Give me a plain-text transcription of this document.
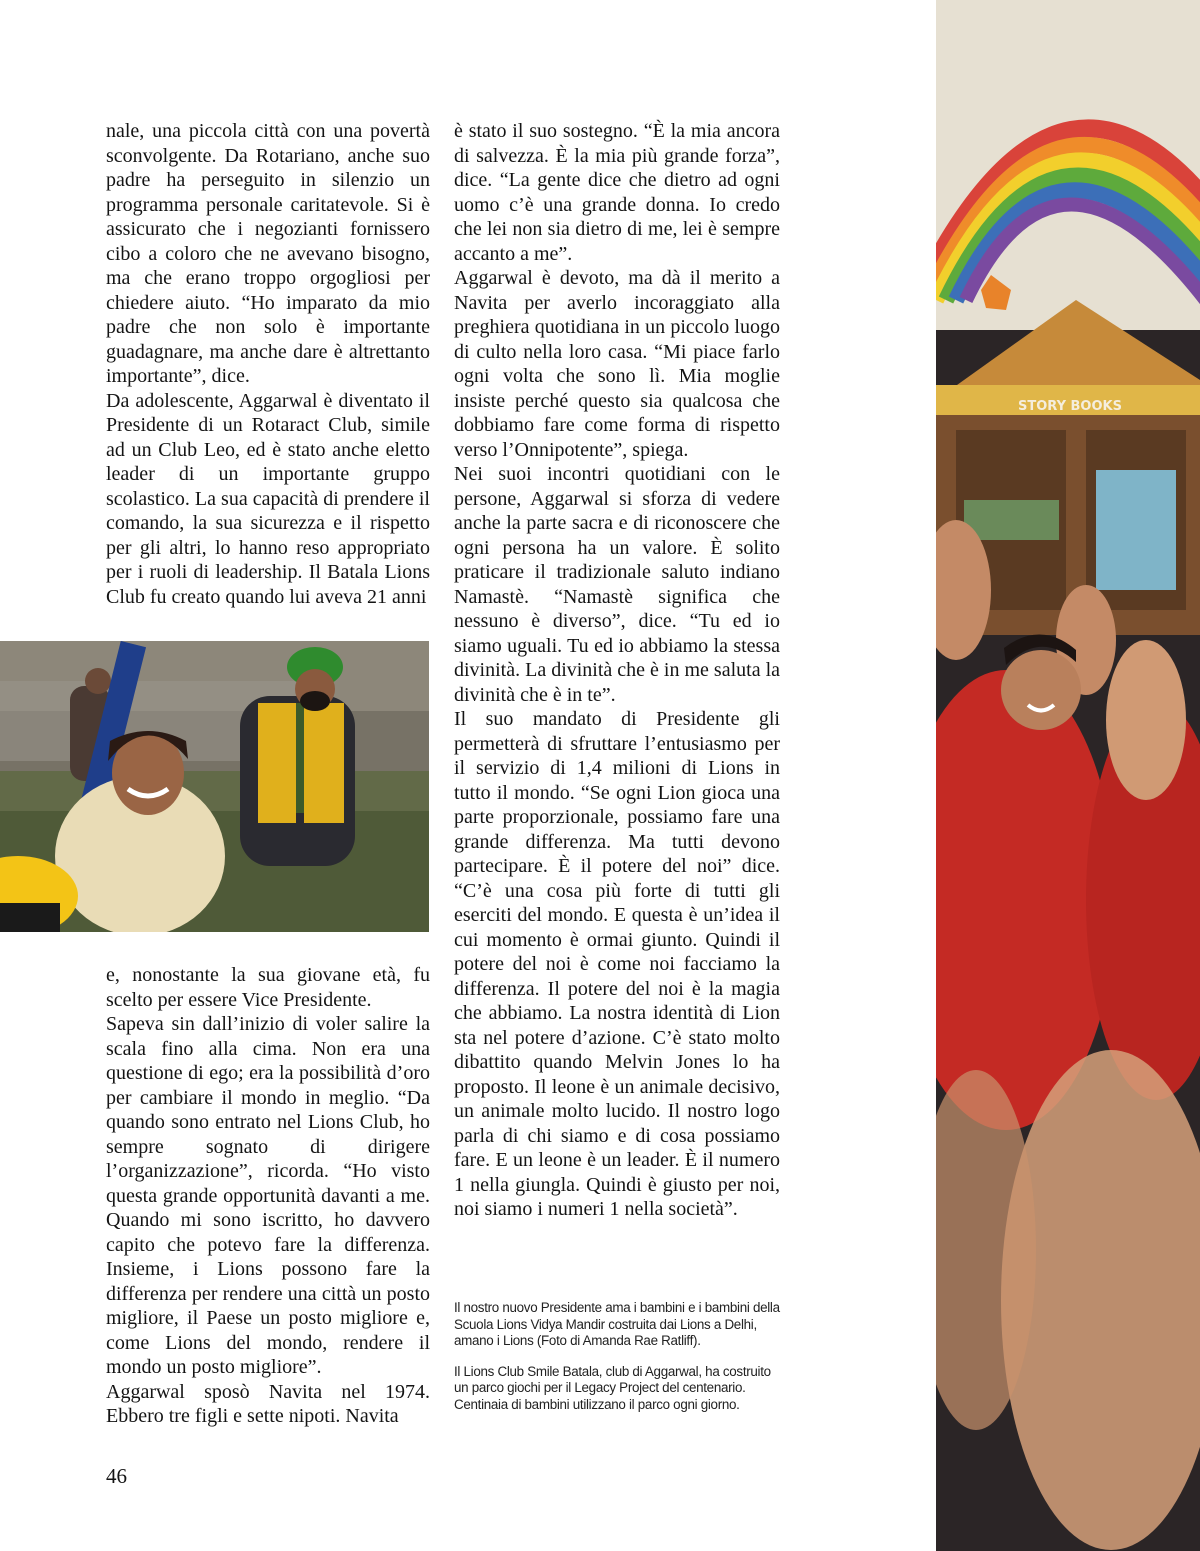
nale, una piccola città con una povertà sconvolgente. Da Rotariano, anche suo padre ha perseguito in silenzio un programma personale caritatevole. Si è assicurato che i negozianti fornissero cibo a coloro che ne avevano bisogno, ma che erano troppo orgogliosi per chiedere aiuto. “Ho imparato da mio padre che non solo è importante guadagnare, ma anche dare è altrettanto importante”, dice.

Da adolescente, Aggarwal è diventato il Presidente di un Rotaract Club, simile ad un Club Leo, ed è stato anche eletto leader di un importante gruppo scolastico. La sua capacità di prendere il comando, la sua sicurezza e il rispetto per gli altri, lo hanno reso appropriato per i ruoli di leadership. Il Batala Lions Club fu creato quando lui aveva 21 anni

e, nonostante la sua giovane età, fu scelto per essere Vice Presidente.

Sapeva sin dall’inizio di voler salire la scala fino alla cima. Non era una questione di ego; era la possibilità d’oro per cambiare il mondo in meglio. “Da quando sono entrato nel Lions Club, ho sempre sognato di dirigere l’organizzazione”, ricorda. “Ho visto questa grande opportunità davanti a me. Quando mi sono iscritto, ho davvero capito che potevo fare la differenza. Insieme, i Lions possono fare la differenza per rendere una città un posto migliore, il Paese un posto migliore e, come Lions del mondo, rendere il mondo un posto migliore”.

Aggarwal sposò Navita nel 1974. Ebbero tre figli e sette nipoti. Navita

è stato il suo sostegno. “È la mia ancora di salvezza. È la mia più grande forza”, dice. “La gente dice che dietro ad ogni uomo c’è una grande donna. Io credo che lei non sia dietro di me, lei è sempre accanto a me”.

Aggarwal è devoto, ma dà il merito a Navita per averlo incoraggiato alla preghiera quotidiana in un piccolo luogo di culto nella loro casa. “Mi piace farlo ogni volta che sono lì. Mia moglie insiste perché questo sia qualcosa che dobbiamo fare come forma di rispetto verso l’Onnipotente”, spiega.

Nei suoi incontri quotidiani con le persone, Aggarwal si sforza di vedere anche la parte sacra e di riconoscere che ogni persona ha un valore. È solito praticare il tradizionale saluto indiano Namastè. “Namastè significa che nessuno è diverso”, dice. “Tu ed io siamo uguali. Tu ed io abbiamo la stessa divinità. La divinità che è in me saluta la divinità che è in te”.

Il suo mandato di Presidente gli permetterà di sfruttare l’entusiasmo per il servizio di 1,4 milioni di Lions in tutto il mondo. “Se ogni Lion gioca una parte proporzionale, possiamo fare una grande differenza. Ma tutti devono partecipare. È il potere del noi” dice. “C’è una cosa più forte di tutti gli eserciti del mondo. E questa è un’idea il cui momento è ormai giunto. Quindi il potere del noi è come noi facciamo la differenza. Il potere del noi è la magia che abbiamo. La nostra identità di Lion sta nel potere d’azione. C’è stato molto dibattito quando Melvin Jones lo ha proposto. Il leone è un animale decisivo, un animale molto lucido. Il nostro logo parla di chi siamo e di cosa possiamo fare. E un leone è un leader. È il numero 1 nella giungla. Quindi è giusto per noi, noi siamo i numeri 1 nella società”.

Il nostro nuovo Presidente ama i bambini e i bambini della Scuola Lions Vidya Mandir costruita dai Lions a Delhi, amano i Lions (Foto di Amanda Rae Ratliff).

Il Lions Club Smile Batala, club di Aggarwal, ha costruito un parco giochi per il Legacy Project del centenario. Centinaia di bambini utilizzano il parco ogni giorno.

46
STORY BOOKS
